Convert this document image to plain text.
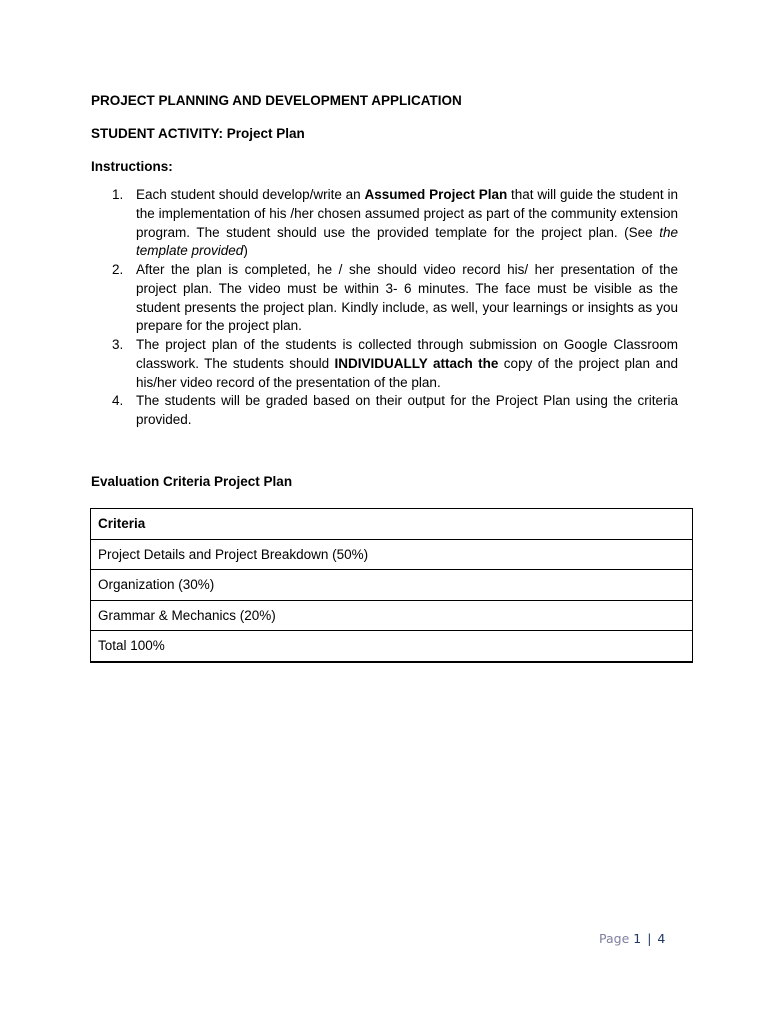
PROJECT PLANNING AND DEVELOPMENT APPLICATION

STUDENT ACTIVITY: Project Plan

Instructions:

1. Each student should develop/write an Assumed Project Plan that will guide the student in the implementation of his /her chosen assumed project as part of the community extension program. The student should use the provided template for the project plan. (See the template provided)
2. After the plan is completed, he / she should video record his/ her presentation of the project plan. The video must be within 3- 6 minutes. The face must be visible as the student presents the project plan. Kindly include, as well, your learnings or insights as you prepare for the project plan.
3. The project plan of the students is collected through submission on Google Classroom classwork. The students should INDIVIDUALLY attach the copy of the project plan and his/her video record of the presentation of the plan.
4. The students will be graded based on their output for the Project Plan using the criteria provided.

Evaluation Criteria Project Plan

Criteria
Project Details and Project Breakdown (50%)
Organization (30%)
Grammar & Mechanics (20%)
Total 100%
Page 1 | 4
